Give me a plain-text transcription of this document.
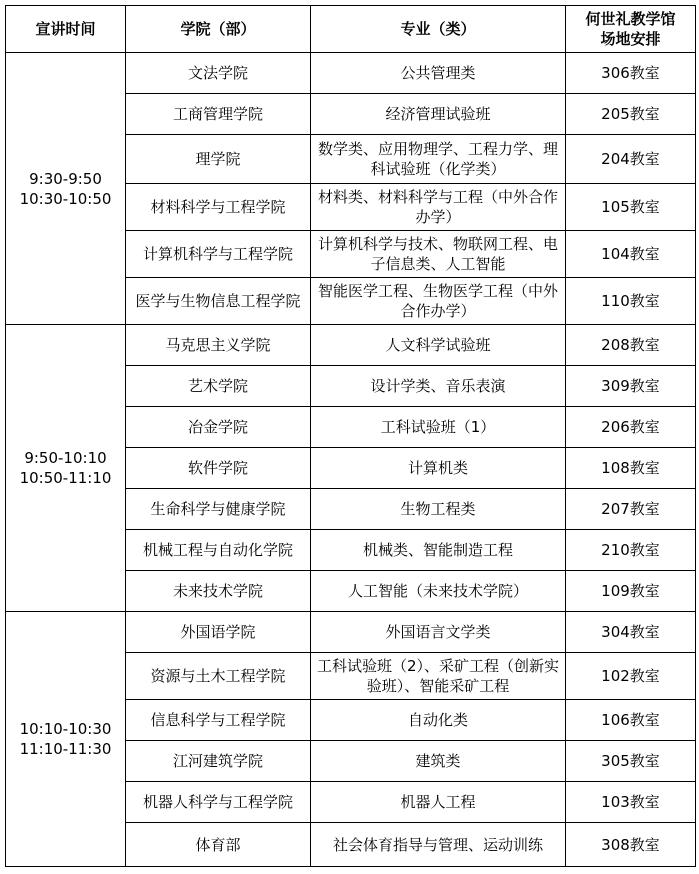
宣讲时间	学院（部）	专业（类）	何世礼教学馆
场地安排
9:30-9:50
10:30-10:50	文法学院	公共管理类	306教室
	工商管理学院	经济管理试验班	205教室
	理学院	数学类、应用物理学、工程力学、理科试验班（化学类）	204教室
	材料科学与工程学院	材料类、材料科学与工程（中外合作办学）	105教室
	计算机科学与工程学院	计算机科学与技术、物联网工程、电子信息类、人工智能	104教室
	医学与生物信息工程学院	智能医学工程、生物医学工程（中外合作办学）	110教室
9:50-10:10
10:50-11:10	马克思主义学院	人文科学试验班	208教室
	艺术学院	设计学类、音乐表演	309教室
	冶金学院	工科试验班（1）	206教室
	软件学院	计算机类	108教室
	生命科学与健康学院	生物工程类	207教室
	机械工程与自动化学院	机械类、智能制造工程	210教室
	未来技术学院	人工智能（未来技术学院）	109教室
10:10-10:30
11:10-11:30	外国语学院	外国语言文学类	304教室
	资源与土木工程学院	工科试验班（2）、采矿工程（创新实验班）、智能采矿工程	102教室
	信息科学与工程学院	自动化类	106教室
	江河建筑学院	建筑类	305教室
	机器人科学与工程学院	机器人工程	103教室
	体育部	社会体育指导与管理、运动训练	308教室
